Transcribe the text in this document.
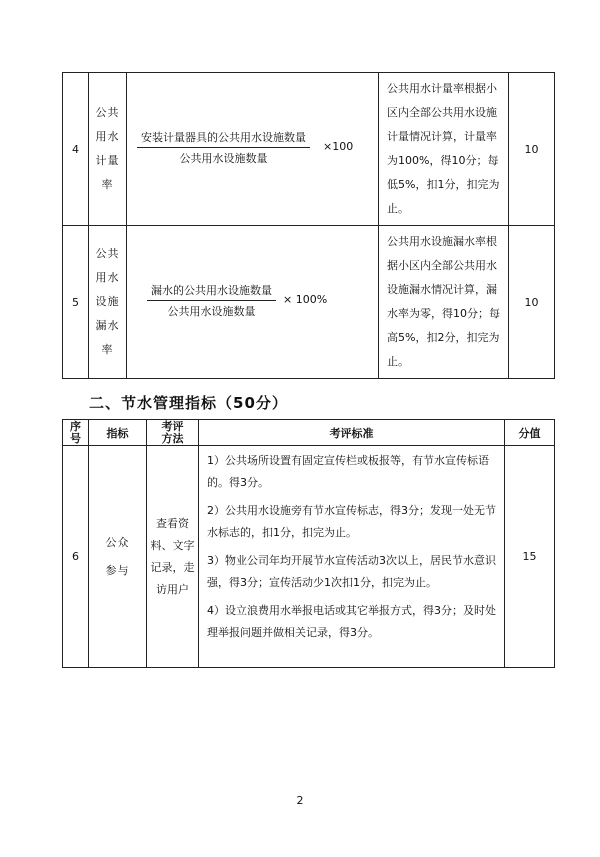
4	公共用水计量率	安装计量器具的公共用水设施数量
公共用水设施数量
×100	公共用水计量率根据小区内全部公共用水设施计量情况计算，计量率为100%，得10分；每低5%，扣1分，扣完为止。	10
5	公共用水设施漏水率	漏水的公共用水设施数量
公共用水设施数量
× 100%	公共用水设施漏水率根据小区内全部公共用水设施漏水情况计算，漏水率为零，得10分；每高5%，扣2分，扣完为止。	10
二、节水管理指标（50分）
序号	指标	考评方法	考评标准	分值
6	公众参与	查看资料、文字记录，走访用户	1）公共场所设置有固定宣传栏或板报等，有节水宣传标语的。得3分。
2）公共用水设施旁有节水宣传标志，得3分；发现一处无节水标志的，扣1分，扣完为止。
3）物业公司年均开展节水宣传活动3次以上，居民节水意识强，得3分；宣传活动少1次扣1分，扣完为止。
4）设立浪费用水举报电话或其它举报方式，得3分；及时处理举报问题并做相关记录，得3分。	15
2
